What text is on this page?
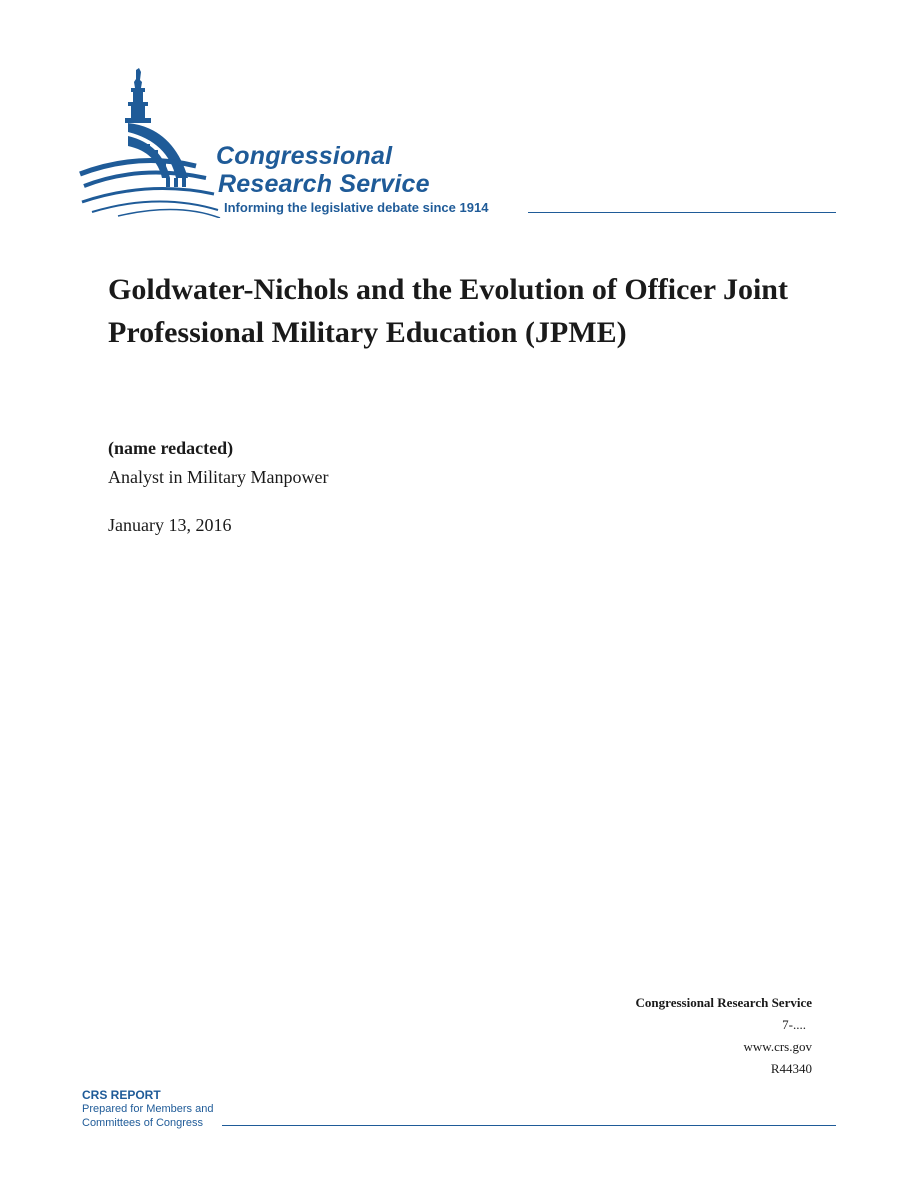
Congressional
Research Service
Informing the legislative debate since 1914
Goldwater-Nichols and the Evolution of Officer Joint Professional Military Education (JPME)
(name redacted)
Analyst in Military Manpower
January 13, 2016
Congressional Research Service
7-....
www.crs.gov
R44340
CRS REPORT
Prepared for Members and
Committees of Congress
